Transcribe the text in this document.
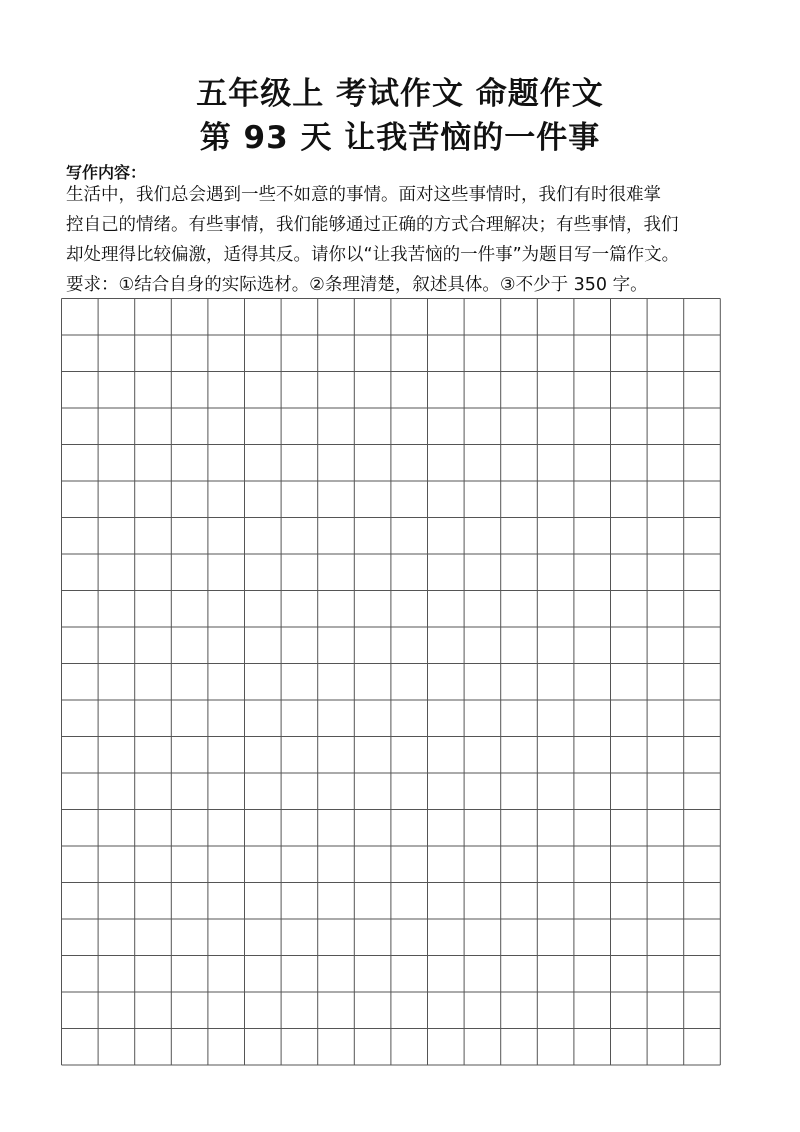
五年级上 考试作文 命题作文
第 93 天 让我苦恼的一件事

写作内容：

生活中，我们总会遇到一些不如意的事情。面对这些事情时，我们有时很难掌

控自己的情绪。有些事情，我们能够通过正确的方式合理解决；有些事情，我们

却处理得比较偏激，适得其反。请你以“让我苦恼的一件事”为题目写一篇作文。

要求：①结合自身的实际选材。②条理清楚，叙述具体。③不少于 350 字。
